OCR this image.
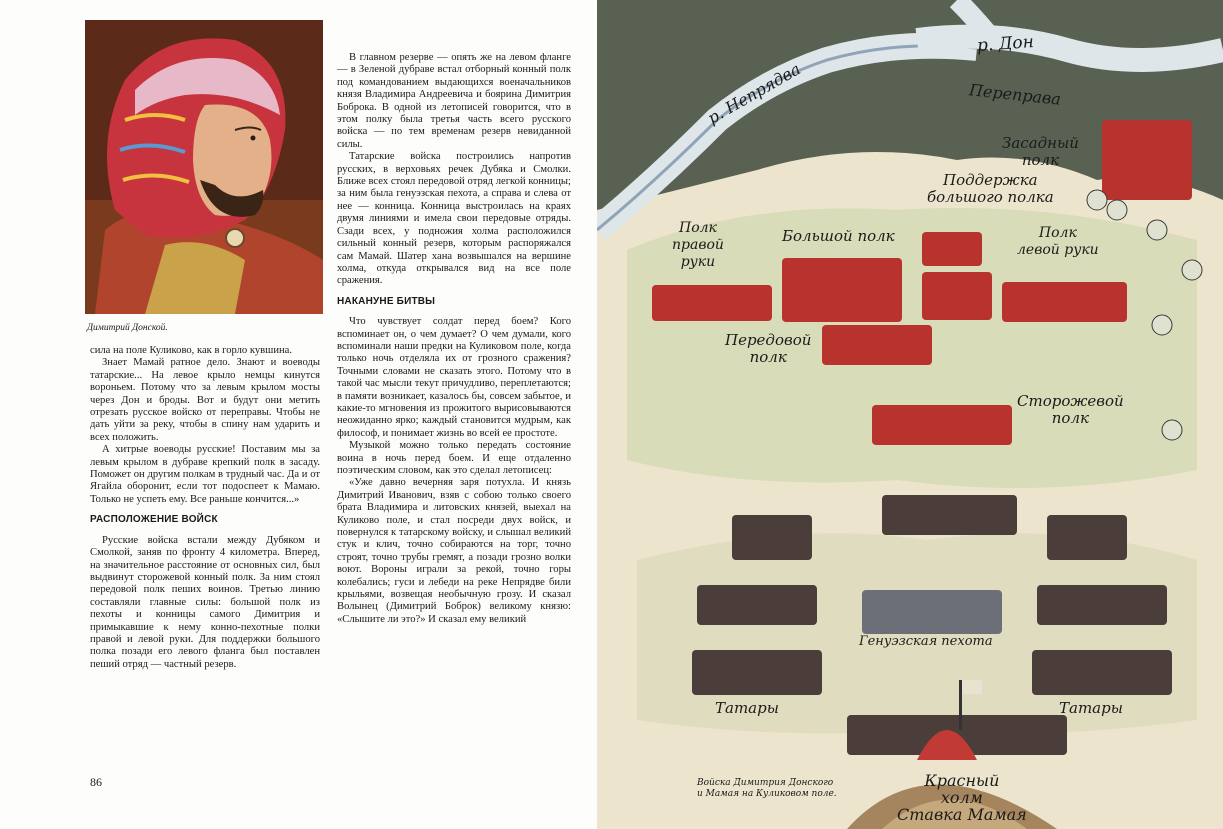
Димитрий Донской.

сила на поле Куликово, как в горло кувшина.

Знает Мамай ратное дело. Знают и воеводы татарские... На левое крыло немцы кинутся вороньем. Потому что за левым крылом мосты через Дон и броды. Вот и будут они метить отрезать русское войско от переправы. Чтобы не дать уйти за реку, чтобы в спину нам ударить и всех положить.

А хитрые воеводы русские! Поставим мы за левым крылом в дубраве крепкий полк в засаду. Поможет он другим полкам в трудный час. Да и от Ягайла оборонит, если тот подоспеет к Мамаю. Только не успеть ему. Все раньше кончится...»

РАСПОЛОЖЕНИЕ ВОЙСК

Русские войска встали между Дубяком и Смолкой, заняв по фронту 4 километра. Вперед, на значительное расстояние от основных сил, был выдвинут сторожевой конный полк. За ним стоял передовой полк пеших воинов. Третью линию составляли главные силы: большой полк из пехоты и конницы самого Димитрия и примыкавшие к нему конно-пехотные полки правой и левой руки. Для поддержки большого полка позади его левого фланга был поставлен пеший отряд — частный резерв.

В главном резерве — опять же на левом фланге — в Зеленой дубраве встал отборный конный полк под командованием выдающихся военачальников князя Владимира Андреевича и боярина Димитрия Боброка. В одной из летописей говорится, что в этом полку была третья часть всего русского войска — по тем временам резерв невиданной силы.

Татарские войска построились напротив русских, в верховьях речек Дубяка и Смолки. Ближе всех стоял передовой отряд легкой конницы; за ним была генуэзская пехота, а справа и слева от нее — конница. Конница выстроилась на краях двумя линиями и имела свои передовые отряды. Сзади всех, у подножия холма расположился сильный конный резерв, которым распоряжался сам Мамай. Шатер хана возвышался на вершине холма, откуда открывался вид на все поле сражения.

НАКАНУНЕ БИТВЫ

Что чувствует солдат перед боем? Кого вспоминает он, о чем думает? О чем думали, кого вспоминали наши предки на Куликовом поле, когда только ночь отделяла их от грозного сражения? Точными словами не сказать этого. Потому что в такой час мысли текут причудливо, переплетаются; в памяти возникает, казалось бы, совсем забытое, и какие-то мгновения из прожитого вырисовываются неожиданно ярко; каждый становится мудрым, как философ, и понимает жизнь во всей ее простоте.

Музыкой можно только передать состояние воина в ночь перед боем. И еще отдаленно поэтическим словом, как это сделал летописец:

«Уже давно вечерняя заря потухла. И князь Димитрий Иванович, взяв с собою только своего брата Владимира и литовских князей, выехал на Куликово поле, и стал посреди двух войск, и повернулся к татарскому войску, и слышал великий стук и клич, точно собираются на торг, точно строят, точно трубы гремят, а позади грозно волки воют. Вороны играли за рекой, точно горы колебались; гуси и лебеди на реке Непрядве били крыльями, возвещая необычную грозу. И сказал Волынец (Димитрий Боброк) великому князю: «Слышите ли это?» И сказал ему великий

86
р. Дон
р. Непрядва	Переправа
Засадный
полк
Поддержка
большого полка
Полк
правой
руки
Большой полк	Полк
левой руки
Передовой
полк
Сторожевой
полк
Генуэзская пехота
Татары	Татары
Красный
холм
Ставка Мамая
Войска Димитрия Донского
и Мамая на Куликовом поле.
